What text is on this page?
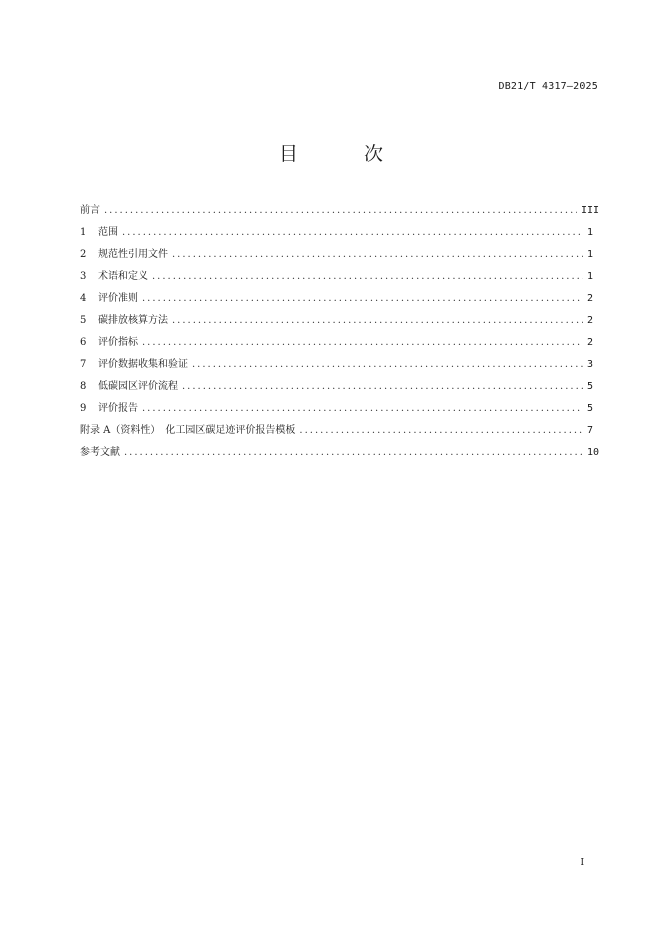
DB21/T 4317—2025
目 次
前言 .....	III
1	范围 .....	1
2	规范性引用文件 .....	1
3	术语和定义 .....	1
4	评价准则 .....	2
5	碳排放核算方法 .....	2
6	评价指标 .....	2
7	评价数据收集和验证 .....	3
8	低碳园区评价流程 .....	5
9	评价报告 .....	5
附录 A（资料性）　化工园区碳足迹评价报告模板 .....	7
参考文献 .....	10
I
